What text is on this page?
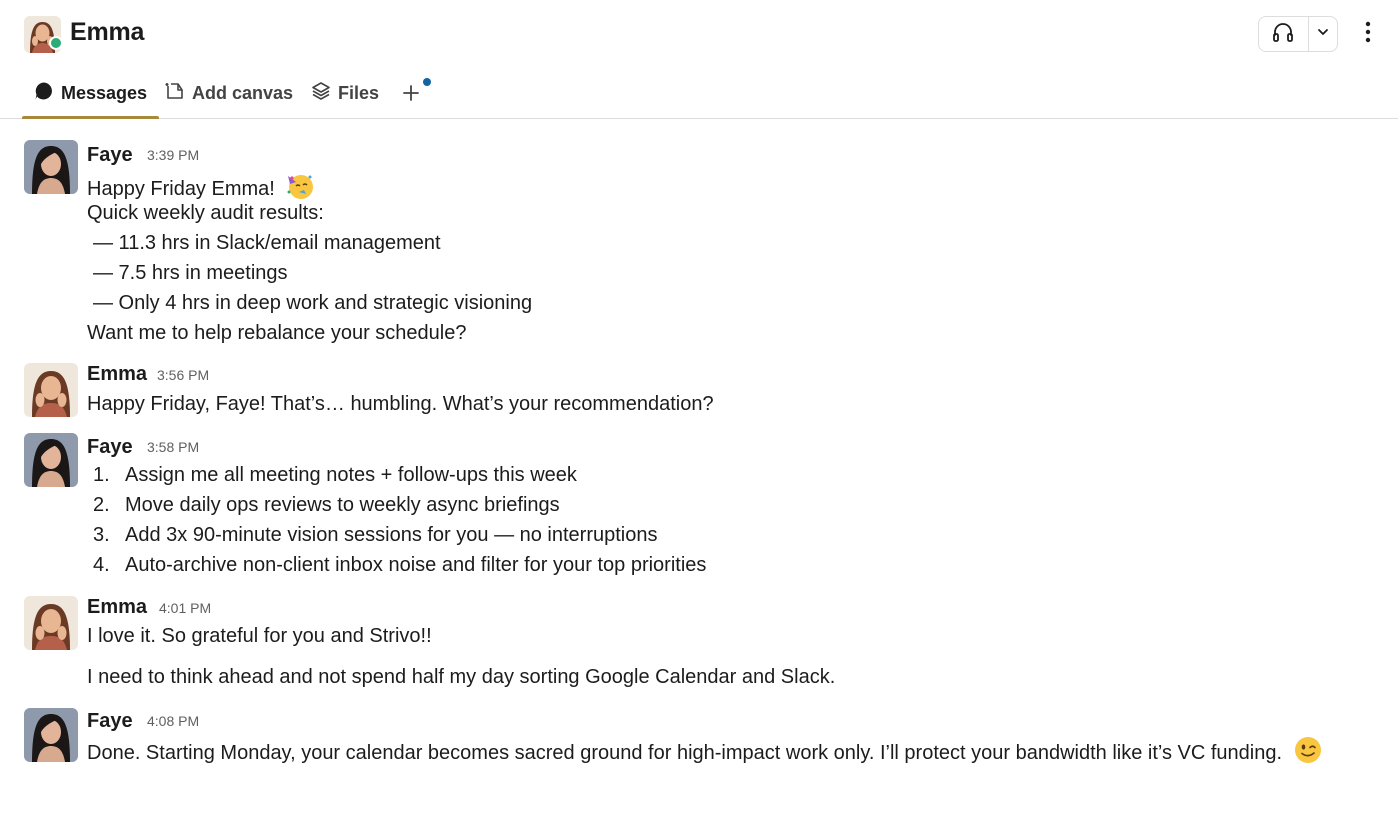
Emma
Messages Add canvas Files
Faye 3:39 PM
Happy Friday Emma!
Quick weekly audit results:
— 11.3 hrs in Slack/email management
— 7.5 hrs in meetings
— Only 4 hrs in deep work and strategic visioning
Want me to help rebalance your schedule?
Emma 3:56 PM
Happy Friday, Faye! That’s… humbling. What’s your recommendation?
Faye 3:58 PM
1. Assign me all meeting notes + follow-ups this week
2. Move daily ops reviews to weekly async briefings
3. Add 3x 90-minute vision sessions for you — no interruptions
4. Auto-archive non-client inbox noise and filter for your top priorities
Emma 4:01 PM
I love it. So grateful for you and Strivo!!
I need to think ahead and not spend half my day sorting Google Calendar and Slack.
Faye 4:08 PM
Done. Starting Monday, your calendar becomes sacred ground for high-impact work only. I’ll protect your bandwidth like it’s VC funding.
